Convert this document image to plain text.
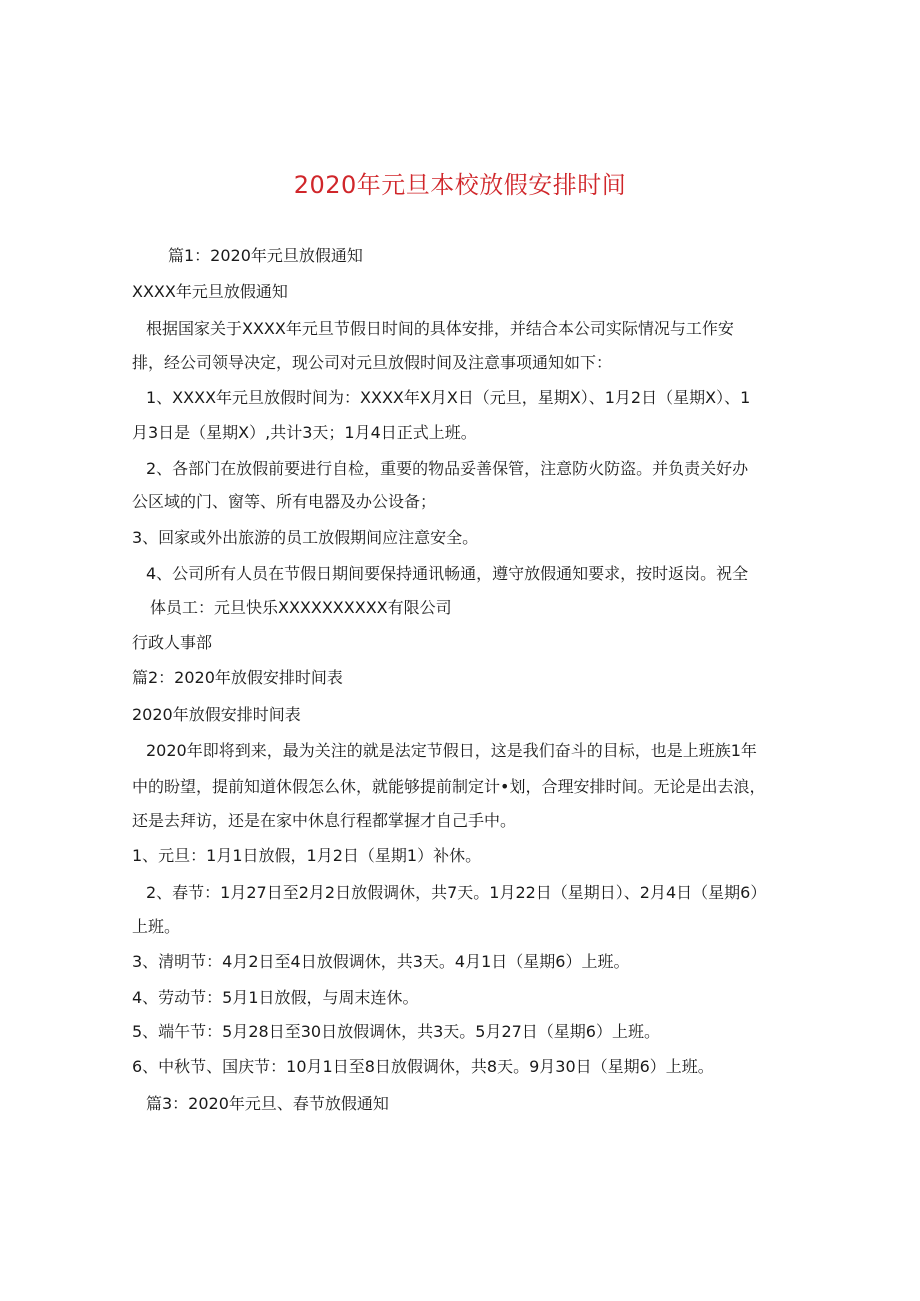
2020年元旦本校放假安排时间
篇1：2020年元旦放假通知
XXXX年元旦放假通知
根据国家关于XXXX年元旦节假日时间的具体安排，并结合本公司实际情况与工作安
排，经公司领导决定，现公司对元旦放假时间及注意事项通知如下：
1、XXXX年元旦放假时间为：XXXX年X月X日（元旦，星期X）、1月2日（星期X）、1
月3日是（星期X）,共计3天；1月4日正式上班。
2、各部门在放假前要进行自检，重要的物品妥善保管，注意防火防盗。并负责关好办
公区域的门、窗等、所有电器及办公设备；
3、回家或外出旅游的员工放假期间应注意安全。
4、公司所有人员在节假日期间要保持通讯畅通，遵守放假通知要求，按时返岗。祝全
体员工：元旦快乐XXXXXXXXXX有限公司
行政人事部
篇2：2020年放假安排时间表
2020年放假安排时间表
2020年即将到来，最为关注的就是法定节假日，这是我们奋斗的目标，也是上班族1年
中的盼望，提前知道休假怎么休，就能够提前制定计•划，合理安排时间。无论是出去浪，
还是去拜访，还是在家中休息行程都掌握才自己手中。
1、元旦：1月1日放假，1月2日（星期1）补休。
2、春节：1月27日至2月2日放假调休，共7天。1月22日（星期日）、2月4日（星期6）
上班。
3、清明节：4月2日至4日放假调休，共3天。4月1日（星期6）上班。
4、劳动节：5月1日放假，与周末连休。
5、端午节：5月28日至30日放假调休，共3天。5月27日（星期6）上班。
6、中秋节、国庆节：10月1日至8日放假调休，共8天。9月30日（星期6）上班。
篇3：2020年元旦、春节放假通知
